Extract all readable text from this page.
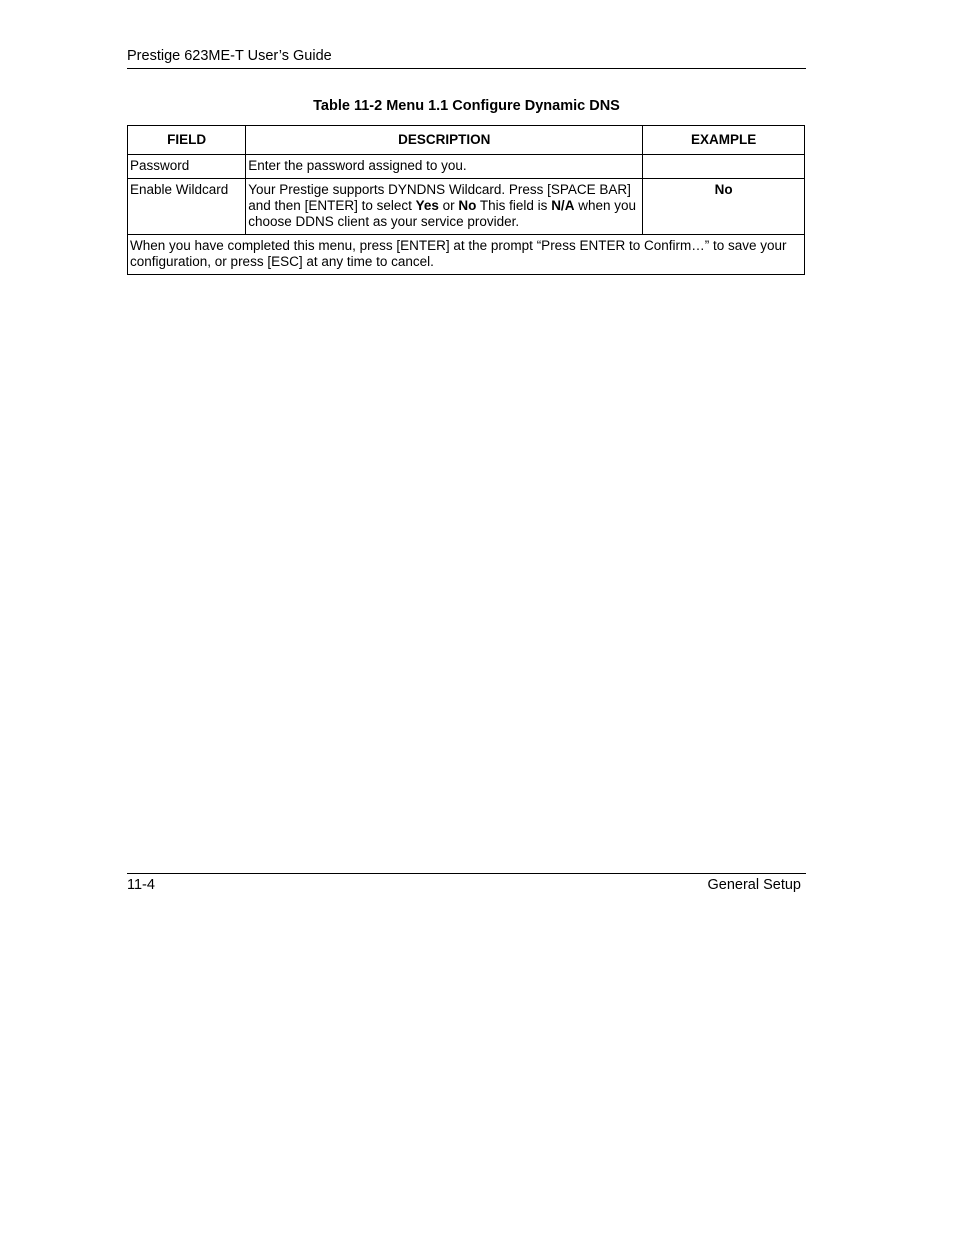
Prestige 623ME-T User’s Guide
Table 11-2 Menu 1.1 Configure Dynamic DNS
FIELD	DESCRIPTION	EXAMPLE
Password	Enter the password assigned to you.	
Enable Wildcard	Your Prestige supports DYNDNS Wildcard. Press [SPACE BAR] and then [ENTER] to select Yes or No This field is N/A when you choose DDNS client as your service provider.	No
When you have completed this menu, press [ENTER] at the prompt “Press ENTER to Confirm…” to save your configuration, or press [ESC] at any time to cancel.		
11-4	General Setup
